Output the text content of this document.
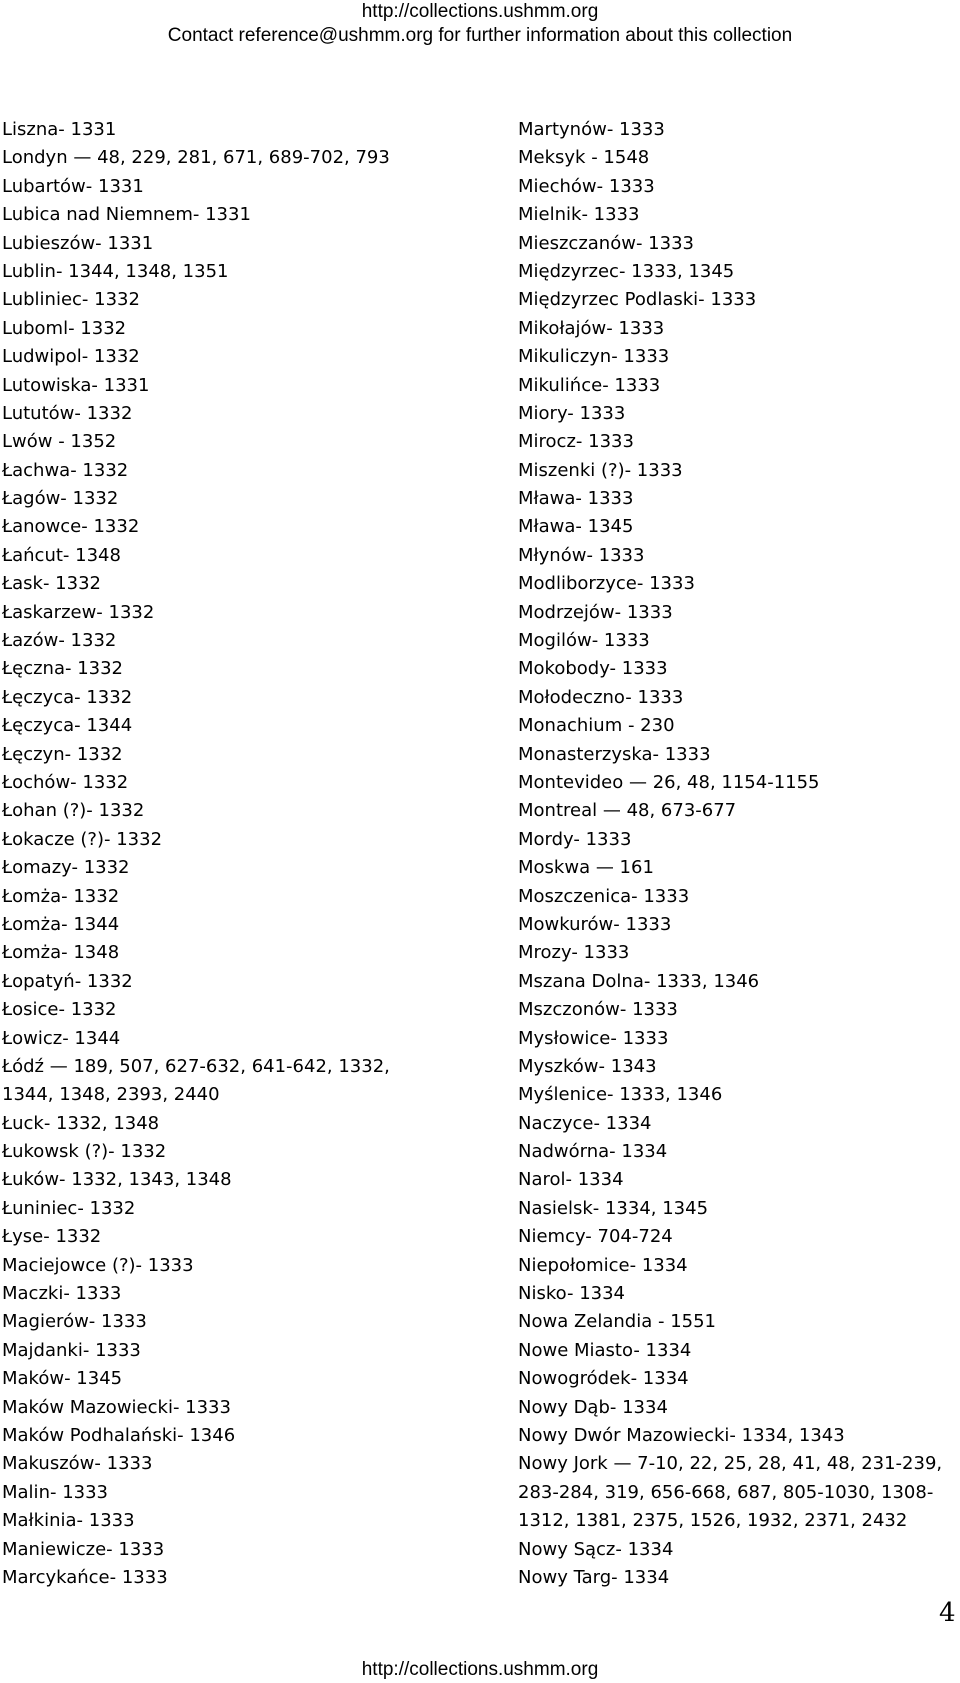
http://collections.ushmm.org
Contact reference@ushmm.org for further information about this collection
Liszna- 1331
Londyn — 48, 229, 281, 671, 689-702, 793
Lubartów- 1331
Lubica nad Niemnem- 1331
Lubieszów- 1331
Lublin- 1344, 1348, 1351
Lubliniec- 1332
Luboml- 1332
Ludwipol- 1332
Lutowiska- 1331
Lututów- 1332
Lwów - 1352
Łachwa- 1332
Łagów- 1332
Łanowce- 1332
Łańcut- 1348
Łask- 1332
Łaskarzew- 1332
Łazów- 1332
Łęczna- 1332
Łęczyca- 1332
Łęczyca- 1344
Łęczyn- 1332
Łochów- 1332
Łohan (?)- 1332
Łokacze (?)- 1332
Łomazy- 1332
Łomża- 1332
Łomża- 1344
Łomża- 1348
Łopatyń- 1332
Łosice- 1332
Łowicz- 1344
Łódź — 189, 507, 627-632, 641-642, 1332,
1344, 1348, 2393, 2440
Łuck- 1332, 1348
Łukowsk (?)- 1332
Łuków- 1332, 1343, 1348
Łuniniec- 1332
Łyse- 1332
Maciejowce (?)- 1333
Maczki- 1333
Magierów- 1333
Majdanki- 1333
Maków- 1345
Maków Mazowiecki- 1333
Maków Podhalański- 1346
Makuszów- 1333
Malin- 1333
Małkinia- 1333
Maniewicze- 1333
Marcykańce- 1333
Martynów- 1333
Meksyk - 1548
Miechów- 1333
Mielnik- 1333
Mieszczanów- 1333
Międzyrzec- 1333, 1345
Międzyrzec Podlaski- 1333
Mikołajów- 1333
Mikuliczyn- 1333
Mikulińce- 1333
Miory- 1333
Mirocz- 1333
Miszenki (?)- 1333
Mława- 1333
Mława- 1345
Młynów- 1333
Modliborzyce- 1333
Modrzejów- 1333
Mogilów- 1333
Mokobody- 1333
Mołodeczno- 1333
Monachium - 230
Monasterzyska- 1333
Montevideo — 26, 48, 1154-1155
Montreal — 48, 673-677
Mordy- 1333
Moskwa — 161
Moszczenica- 1333
Mowkurów- 1333
Mrozy- 1333
Mszana Dolna- 1333, 1346
Mszczonów- 1333
Mysłowice- 1333
Myszków- 1343
Myślenice- 1333, 1346
Naczyce- 1334
Nadwórna- 1334
Narol- 1334
Nasielsk- 1334, 1345
Niemcy- 704-724
Niepołomice- 1334
Nisko- 1334
Nowa Zelandia - 1551
Nowe Miasto- 1334
Nowogródek- 1334
Nowy Dąb- 1334
Nowy Dwór Mazowiecki- 1334, 1343
Nowy Jork — 7-10, 22, 25, 28, 41, 48, 231-239,
283-284, 319, 656-668, 687, 805-1030, 1308-
1312, 1381, 2375, 1526, 1932, 2371, 2432
Nowy Sącz- 1334
Nowy Targ- 1334
4
http://collections.ushmm.org
